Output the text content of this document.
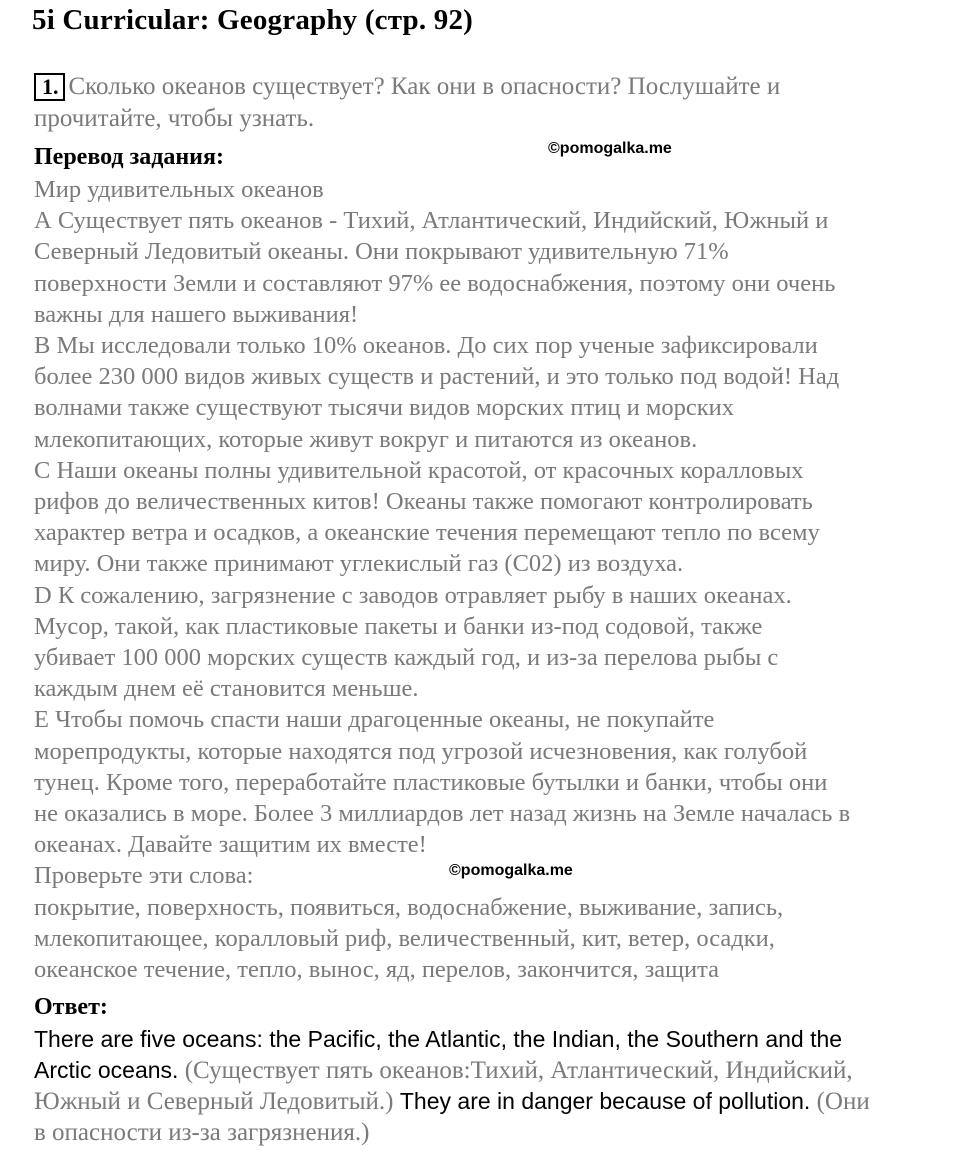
5i Curricular: Geography (стр. 92)
1. Сколько океанов существует? Как они в опасности? Послушайте и
прочитайте, чтобы узнать.
Перевод задания:	©pomogalka.me
Мир удивительных океанов
А Существует пять океанов - Тихий, Атлантический, Индийский, Южный и
Северный Ледовитый океаны. Они покрывают удивительную 71%
поверхности Земли и составляют 97% ее водоснабжения, поэтому они очень
важны для нашего выживания!
В Мы исследовали только 10% океанов. До сих пор ученые зафиксировали
более 230 000 видов живых существ и растений, и это только под водой! Над
волнами также существуют тысячи видов морских птиц и морских
млекопитающих, которые живут вокруг и питаются из океанов.
С Наши океаны полны удивительной красотой, от красочных коралловых
рифов до величественных китов! Океаны также помогают контролировать
характер ветра и осадков, а океанские течения перемещают тепло по всему
миру. Они также принимают углекислый газ (С02) из воздуха.
D К сожалению, загрязнение с заводов отравляет рыбу в наших океанах.
Мусор, такой, как пластиковые пакеты и банки из-под содовой, также
убивает 100 000 морских существ каждый год, и из-за перелова рыбы с
каждым днем её становится меньше.
Е Чтобы помочь спасти наши драгоценные океаны, не покупайте
морепродукты, которые находятся под угрозой исчезновения, как голубой
тунец. Кроме того, переработайте пластиковые бутылки и банки, чтобы они
не оказались в море. Более 3 миллиардов лет назад жизнь на Земле началась в
океанах. Давайте защитим их вместе!
Проверьте эти слова:
покрытие, поверхность, появиться, водоснабжение, выживание, запись,
млекопитающее, коралловый риф, величественный, кит, ветер, осадки,
океанское течение, тепло, вынос, яд, перелов, закончится, защита
©pomogalka.me
Ответ:
There are five oceans: the Pacific, the Atlantic, the Indian, the Southern and the
Arctic oceans. (Существует пять океанов:Тихий, Атлантический, Индийский,
Южный и Северный Ледовитый.) They are in danger because of pollution. (Они
в опасности из-за загрязнения.)
